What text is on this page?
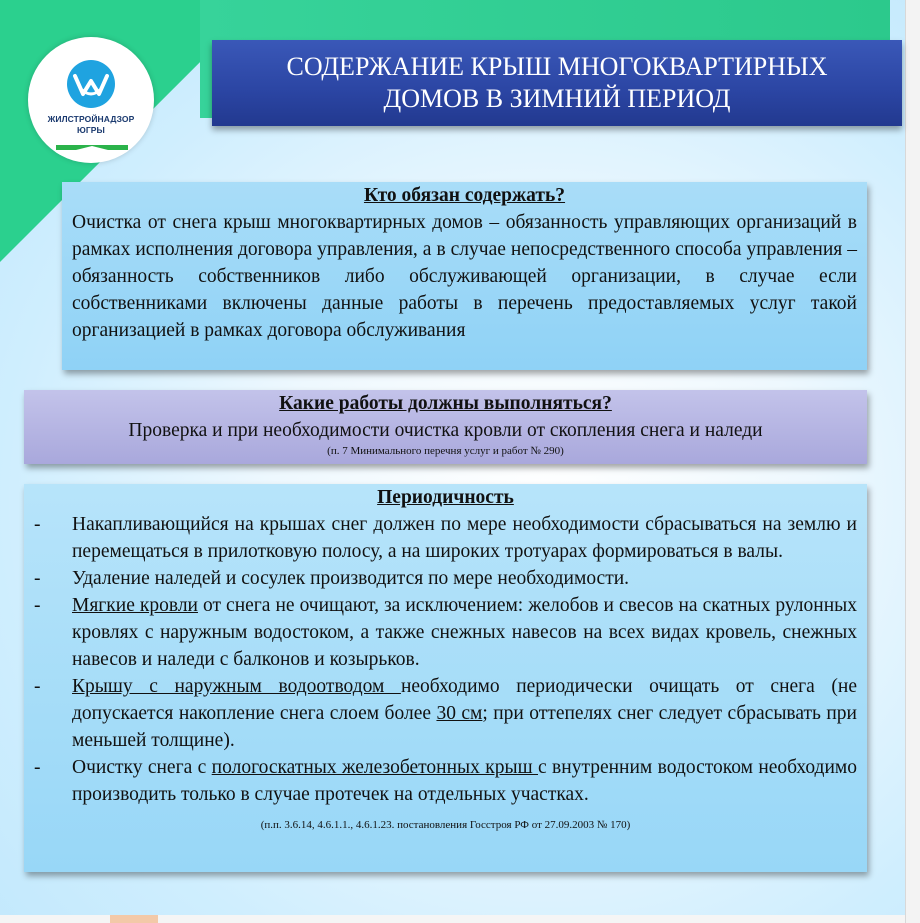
ЖИЛСТРОЙНАДЗОР
ЮГРЫ
СОДЕРЖАНИЕ КРЫШ МНОГОКВАРТИРНЫХ
ДОМОВ В ЗИМНИЙ ПЕРИОД
Кто обязан содержать?
Очистка от снега крыш многоквартирных домов – обязанность управляющих организаций в рамках исполнения договора управления, а в случае непосредственного способа управления – обязанность собственников либо обслуживающей организации, в случае если собственниками включены данные работы в перечень предоставляемых услуг такой организацией в рамках договора обслуживания
Какие работы должны выполняться?
Проверка и при необходимости очистка кровли от скопления снега и наледи
(п. 7 Минимального перечня услуг и работ № 290)
Периодичность
-	Накапливающийся на крышах снег должен по мере необходимости сбрасываться на землю и перемещаться в прилотковую полосу, а на широких тротуарах формироваться в валы.
-	Удаление наледей и сосулек производится по мере необходимости.
-	Мягкие кровли от снега не очищают, за исключением: желобов и свесов на скатных рулонных кровлях с наружным водостоком, а также снежных навесов на всех видах кровель, снежных навесов и наледи с балконов и козырьков.
-	Крышу с наружным водоотводом необходимо периодически очищать от снега (не допускается накопление снега слоем более 30 см; при оттепелях снег следует сбрасывать при меньшей толщине).
-	Очистку снега с пологоскатных железобетонных крыш с внутренним водостоком необходимо производить только в случае протечек на отдельных участках.
(п.п. 3.6.14, 4.6.1.1., 4.6.1.23. постановления Госстроя РФ от 27.09.2003 № 170)
